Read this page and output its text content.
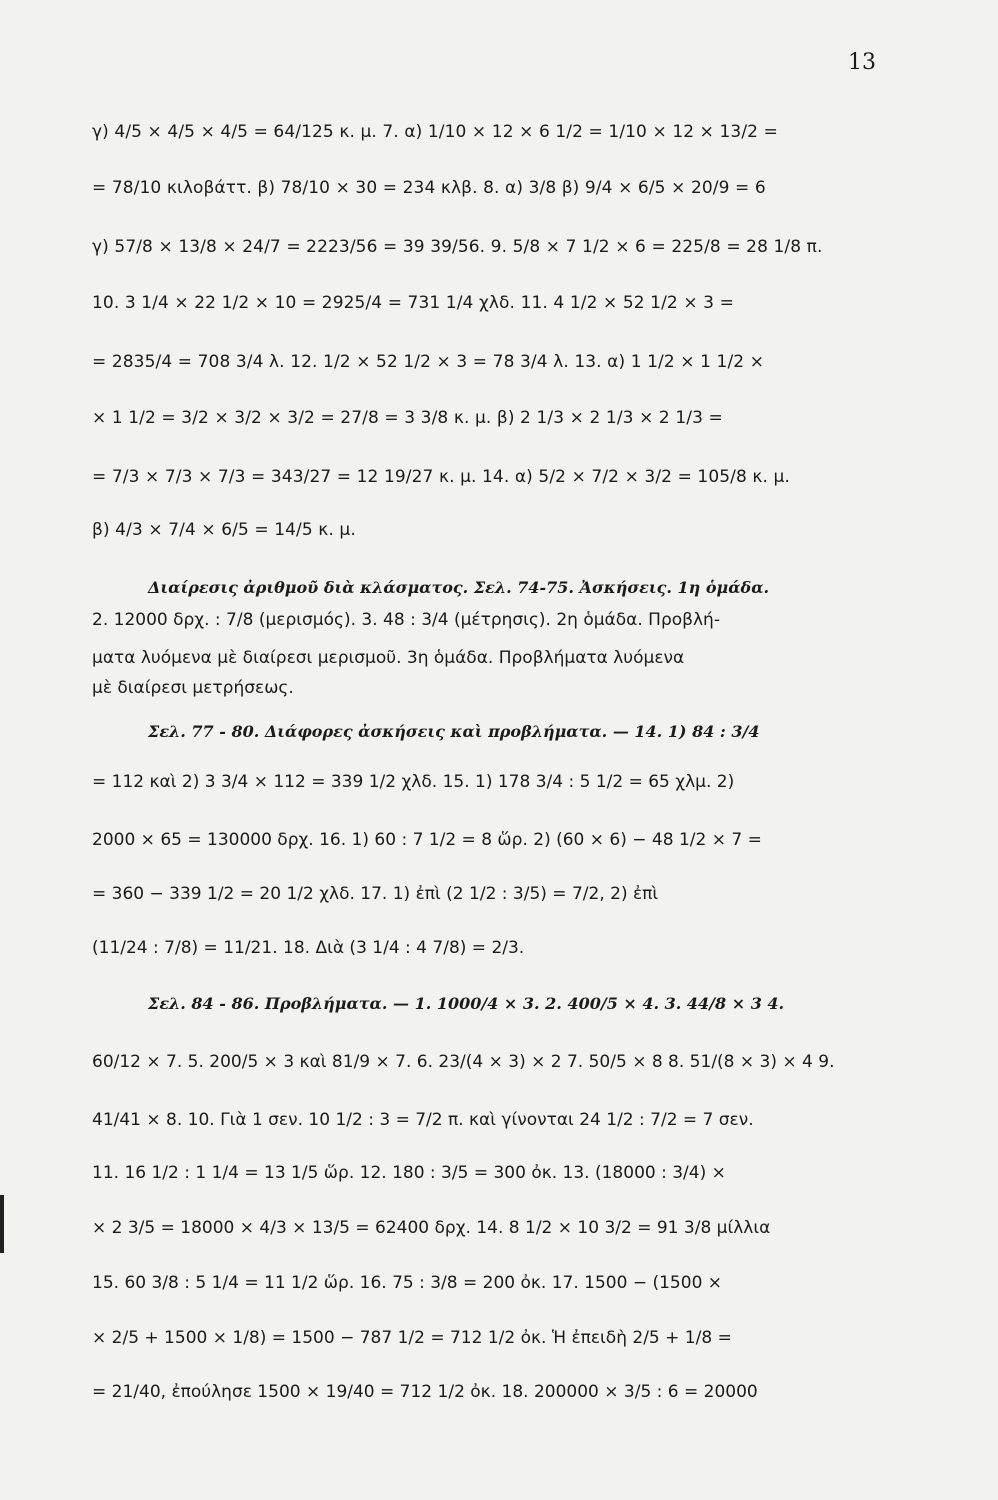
13
γ) 4/5 × 4/5 × 4/5 = 64/125 κ. μ. 7. α) 1/10 × 12 × 6 1/2 = 1/10 × 12 × 13/2 =
= 78/10 κιλοβάττ. β) 78/10 × 30 = 234 κλβ. 8. α) 3/8 β) 9/4 × 6/5 × 20/9 = 6
γ) 57/8 × 13/8 × 24/7 = 2223/56 = 39 39/56. 9. 5/8 × 7 1/2 × 6 = 225/8 = 28 1/8 π.
10. 3 1/4 × 22 1/2 × 10 = 2925/4 = 731 1/4 χλδ. 11. 4 1/2 × 52 1/2 × 3 =
= 2835/4 = 708 3/4 λ. 12. 1/2 × 52 1/2 × 3 = 78 3/4 λ. 13. α) 1 1/2 × 1 1/2 ×
× 1 1/2 = 3/2 × 3/2 × 3/2 = 27/8 = 3 3/8 κ. μ. β) 2 1/3 × 2 1/3 × 2 1/3 =
= 7/3 × 7/3 × 7/3 = 343/27 = 12 19/27 κ. μ. 14. α) 5/2 × 7/2 × 3/2 = 105/8 κ. μ.
β) 4/3 × 7/4 × 6/5 = 14/5 κ. μ.
Διαίρεσις ἀριθμοῦ διὰ κλάσματος. Σελ. 74-75. Ἀσκήσεις. 1η ὁμάδα.
2. 12000 δρχ. : 7/8 (μερισμός). 3. 48 : 3/4 (μέτρησις). 2η ὁμάδα. Προβλή-
ματα λυόμενα μὲ διαίρεσι μερισμοῦ. 3η ὁμάδα. Προβλήματα λυόμενα
μὲ διαίρεσι μετρήσεως.
Σελ. 77 - 80. Διάφορες ἀσκήσεις καὶ προβλήματα. — 14. 1) 84 : 3/4
= 112 καὶ 2) 3 3/4 × 112 = 339 1/2 χλδ. 15. 1) 178 3/4 : 5 1/2 = 65 χλμ. 2)
2000 × 65 = 130000 δρχ. 16. 1) 60 : 7 1/2 = 8 ὥρ. 2) (60 × 6) − 48 1/2 × 7 =
= 360 − 339 1/2 = 20 1/2 χλδ. 17. 1) ἐπὶ (2 1/2 : 3/5) = 7/2, 2) ἐπὶ
(11/24 : 7/8) = 11/21. 18. Διὰ (3 1/4 : 4 7/8) = 2/3.
Σελ. 84 - 86. Προβλήματα. — 1. 1000/4 × 3. 2. 400/5 × 4. 3. 44/8 × 3 4.
60/12 × 7. 5. 200/5 × 3 καὶ 81/9 × 7. 6. 23/(4 × 3) × 2 7. 50/5 × 8 8. 51/(8 × 3) × 4 9.
41/41 × 8. 10. Γιὰ 1 σεν. 10 1/2 : 3 = 7/2 π. καὶ γίνονται 24 1/2 : 7/2 = 7 σεν.
11. 16 1/2 : 1 1/4 = 13 1/5 ὥρ. 12. 180 : 3/5 = 300 ὀκ. 13. (18000 : 3/4) ×
× 2 3/5 = 18000 × 4/3 × 13/5 = 62400 δρχ. 14. 8 1/2 × 10 3/2 = 91 3/8 μίλλια
15. 60 3/8 : 5 1/4 = 11 1/2 ὥρ. 16. 75 : 3/8 = 200 ὀκ. 17. 1500 − (1500 ×
× 2/5 + 1500 × 1/8) = 1500 − 787 1/2 = 712 1/2 ὀκ. Ἡ ἐπειδὴ 2/5 + 1/8 =
= 21/40, ἐπούλησε 1500 × 19/40 = 712 1/2 ὀκ. 18. 200000 × 3/5 : 6 = 20000
